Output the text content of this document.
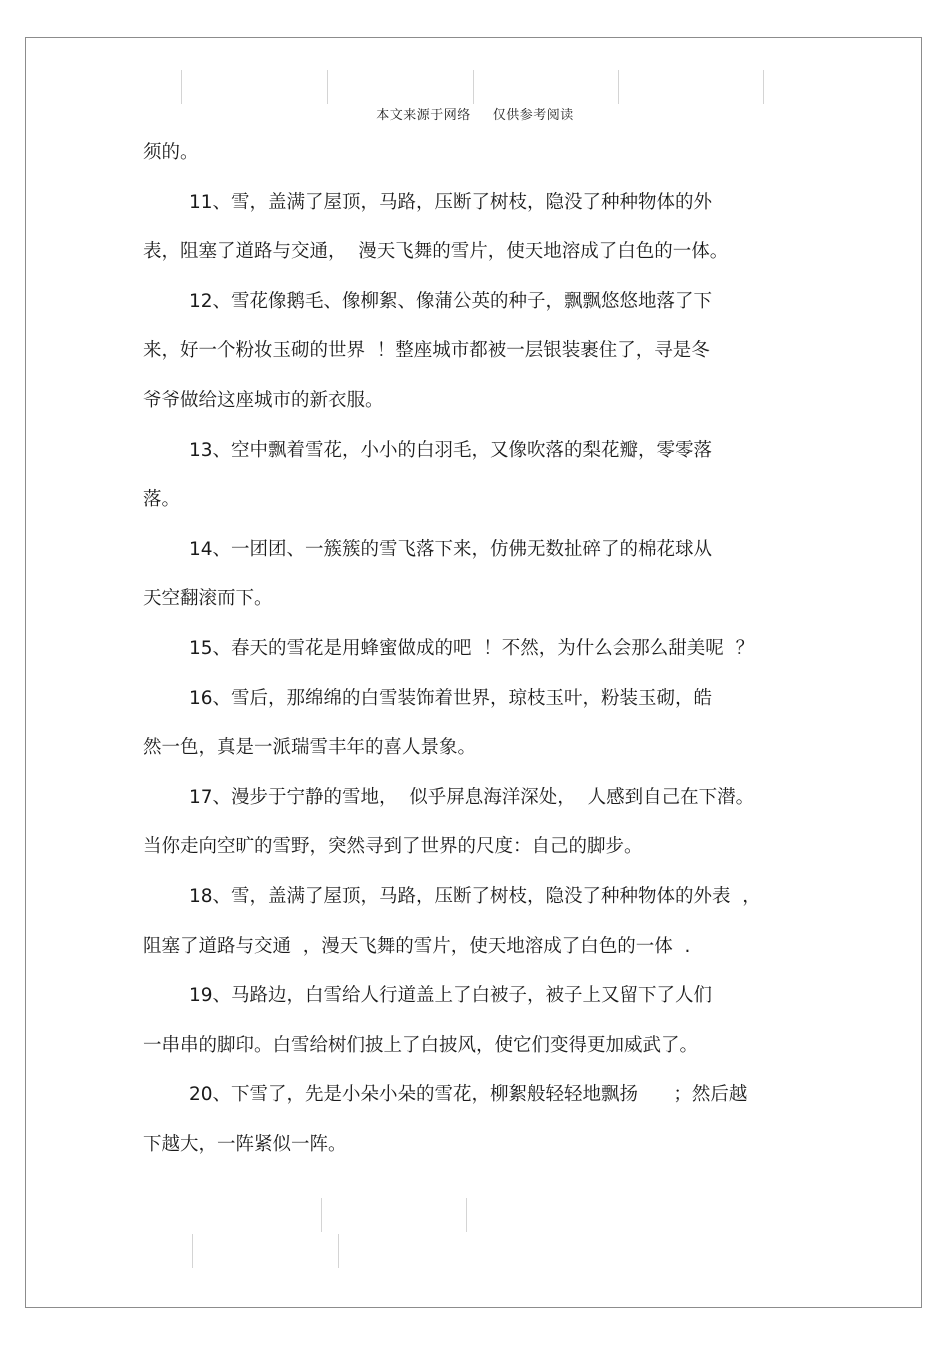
本文来源于网络 仅供参考阅读

须的。

11、雪，盖满了屋顶，马路，压断了树枝，隐没了种种物体的外

表，阻塞了道路与交通，  漫天飞舞的雪片，使天地溶成了白色的一体。

12、雪花像鹅毛、像柳絮、像蒲公英的种子，飘飘悠悠地落了下

来，好一个粉妆玉砌的世界  ！整座城市都被一层银装裹住了，寻是冬

爷爷做给这座城市的新衣服。

13、空中飘着雪花，小小的白羽毛，又像吹落的梨花瓣，零零落

落。

14、一团团、一簇簇的雪飞落下来，仿佛无数扯碎了的棉花球从

天空翻滚而下。

15、春天的雪花是用蜂蜜做成的吧  ！不然，为什么会那么甜美呢  ？

16、雪后，那绵绵的白雪装饰着世界，琼枝玉叶，粉装玉砌，皓

然一色，真是一派瑞雪丰年的喜人景象。

17、漫步于宁静的雪地，  似乎屏息海洋深处，  人感到自己在下潜。

当你走向空旷的雪野，突然寻到了世界的尺度：自己的脚步。

18、雪，盖满了屋顶，马路，压断了树枝，隐没了种种物体的外表  ，

阻塞了道路与交通  ，漫天飞舞的雪片，使天地溶成了白色的一体  .

19、马路边，白雪给人行道盖上了白被子，被子上又留下了人们

一串串的脚印。白雪给树们披上了白披风，使它们变得更加威武了。

20、下雪了，先是小朵小朵的雪花，柳絮般轻轻地飘扬      ；然后越

下越大，一阵紧似一阵。
